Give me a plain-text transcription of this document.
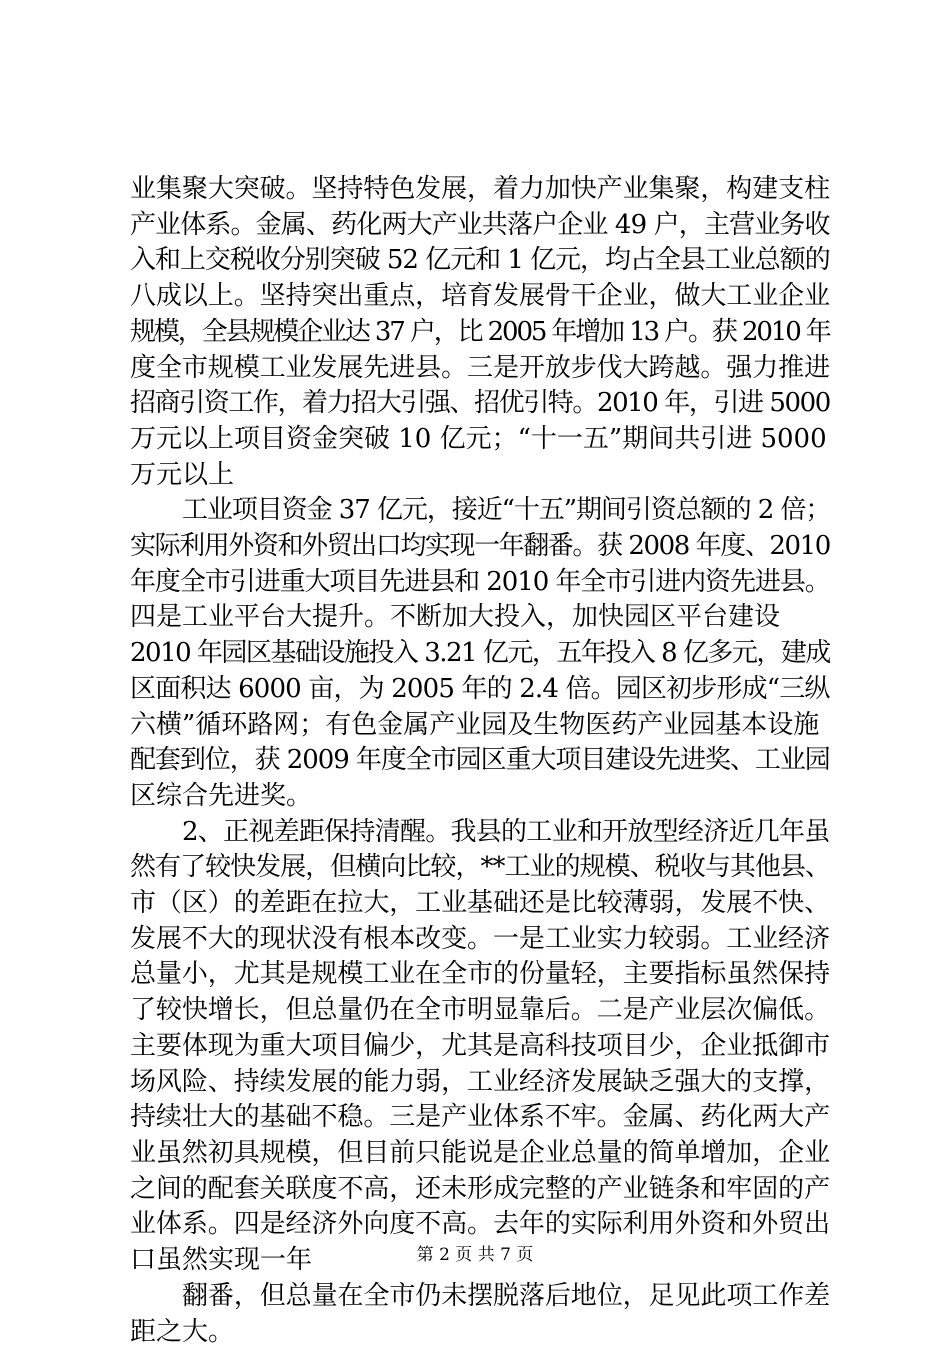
业集聚大突破。坚持特色发展，着力加快产业集聚，构建支柱
产业体系。金属、药化两大产业共落户企业 49 户，主营业务收
入和上交税收分别突破 52 亿元和 1 亿元，均占全县工业总额的
八成以上。坚持突出重点，培育发展骨干企业，做大工业企业
规模，全县规模企业达 37 户，比 2005 年增加 13 户。获 2010 年
度全市规模工业发展先进县。三是开放步伐大跨越。强力推进
招商引资工作，着力招大引强、招优引特。2010 年，引进 5000
万元以上项目资金突破 10 亿元；“十一五”期间共引进 5000
万元以上
工业项目资金 37 亿元，接近“十五”期间引资总额的 2 倍；
实际利用外资和外贸出口均实现一年翻番。获 2008 年度、2010
年度全市引进重大项目先进县和 2010 年全市引进内资先进县。
四是工业平台大提升。不断加大投入，加快园区平台建设
2010 年园区基础设施投入 3.21 亿元，五年投入 8 亿多元，建成
区面积达 6000 亩，为 2005 年的 2.4 倍。园区初步形成“三纵
六横”循环路网；有色金属产业园及生物医药产业园基本设施
配套到位，获 2009 年度全市园区重大项目建设先进奖、工业园
区综合先进奖。
2、正视差距保持清醒。我县的工业和开放型经济近几年虽
然有了较快发展，但横向比较，**工业的规模、税收与其他县、
市（区）的差距在拉大，工业基础还是比较薄弱，发展不快、
发展不大的现状没有根本改变。一是工业实力较弱。工业经济
总量小，尤其是规模工业在全市的份量轻，主要指标虽然保持
了较快增长，但总量仍在全市明显靠后。二是产业层次偏低。
主要体现为重大项目偏少，尤其是高科技项目少，企业抵御市
场风险、持续发展的能力弱，工业经济发展缺乏强大的支撑，
持续壮大的基础不稳。三是产业体系不牢。金属、药化两大产
业虽然初具规模，但目前只能说是企业总量的简单增加，企业
之间的配套关联度不高，还未形成完整的产业链条和牢固的产
业体系。四是经济外向度不高。去年的实际利用外资和外贸出
口虽然实现一年
翻番，但总量在全市仍未摆脱落后地位，足见此项工作差
距之大。
第 2 页 共 7 页
